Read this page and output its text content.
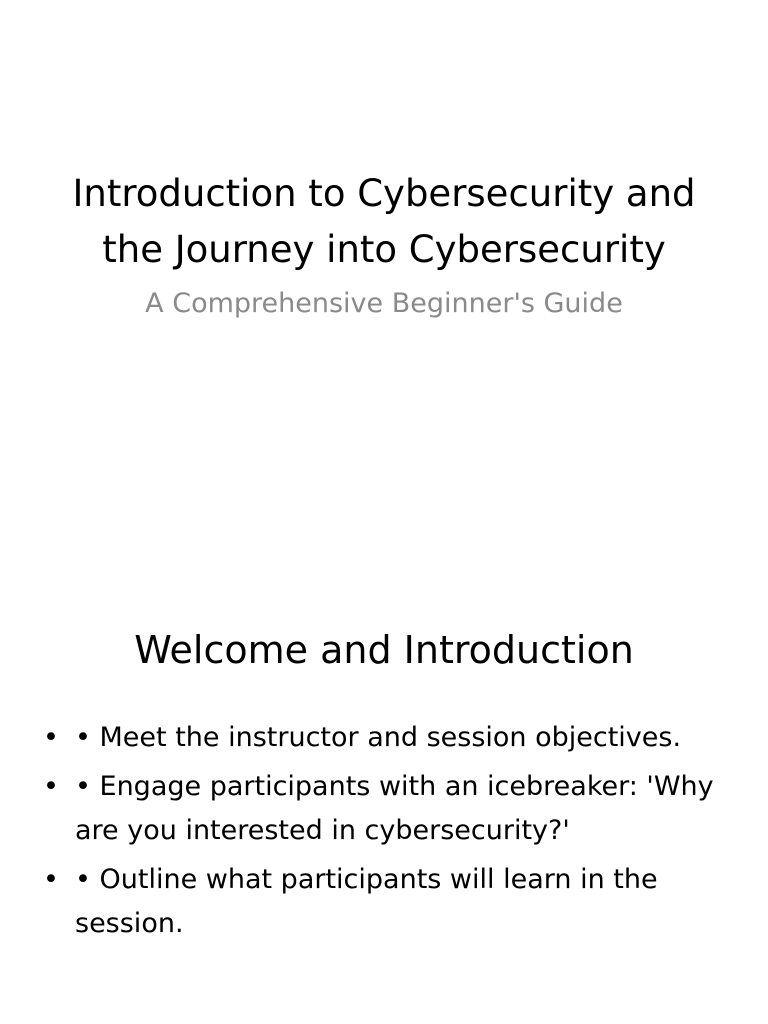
Introduction to Cybersecurity and the Journey into Cybersecurity

A Comprehensive Beginner's Guide

Welcome and Introduction
• • Meet the instructor and session objectives.
• • Engage participants with an icebreaker: 'Why are you interested in cybersecurity?'
• • Outline what participants will learn in the session.
